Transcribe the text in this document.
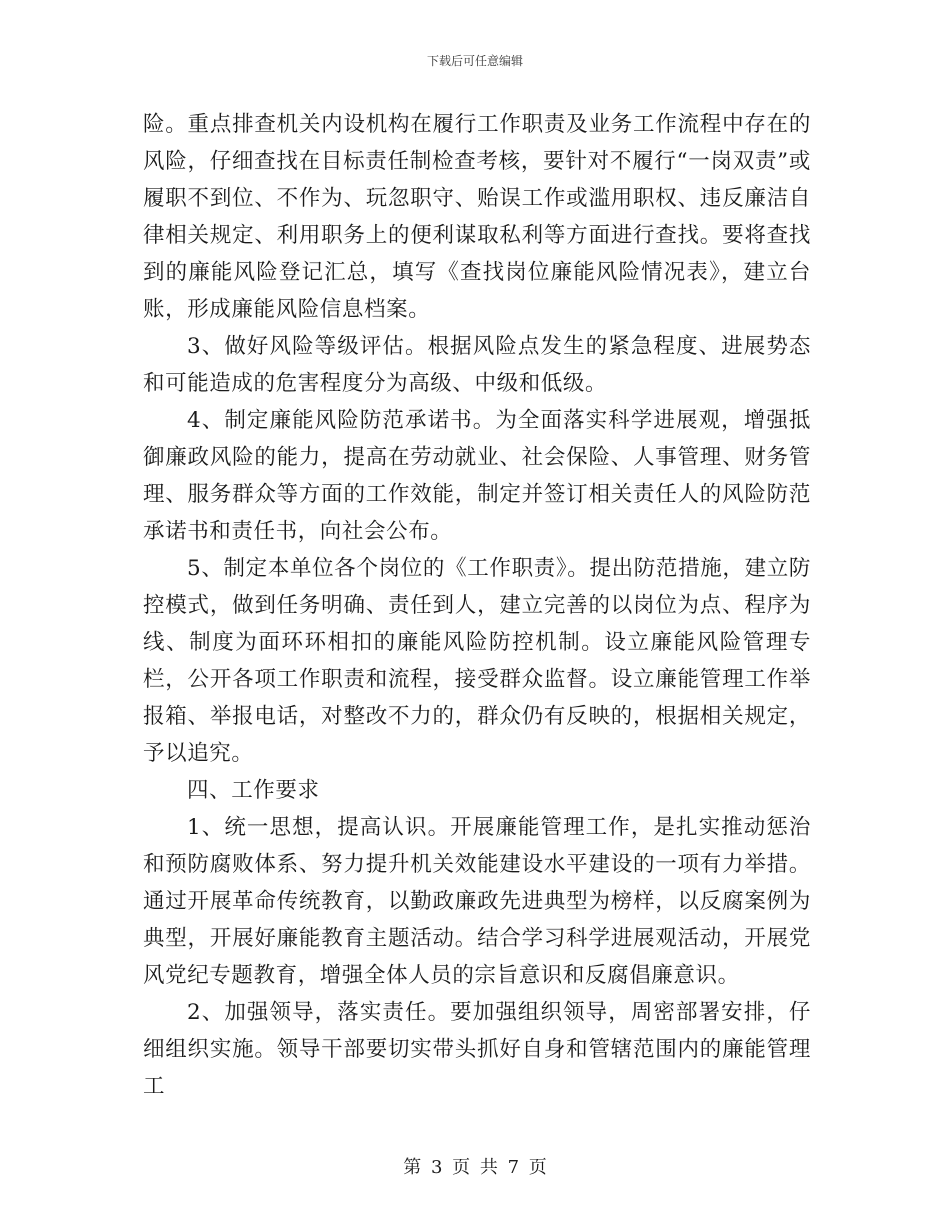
下载后可任意编辑

险。重点排查机关内设机构在履行工作职责及业务工作流程中存在的风险，仔细查找在目标责任制检查考核，要针对不履行“一岗双责”或履职不到位、不作为、玩忽职守、贻误工作或滥用职权、违反廉洁自律相关规定、利用职务上的便利谋取私利等方面进行查找。要将查找到的廉能风险登记汇总，填写《查找岗位廉能风险情况表》，建立台账，形成廉能风险信息档案。

3、做好风险等级评估。根据风险点发生的紧急程度、进展势态和可能造成的危害程度分为高级、中级和低级。

4、制定廉能风险防范承诺书。为全面落实科学进展观，增强抵御廉政风险的能力，提高在劳动就业、社会保险、人事管理、财务管理、服务群众等方面的工作效能，制定并签订相关责任人的风险防范承诺书和责任书，向社会公布。

5、制定本单位各个岗位的《工作职责》。提出防范措施，建立防控模式，做到任务明确、责任到人，建立完善的以岗位为点、程序为线、制度为面环环相扣的廉能风险防控机制。设立廉能风险管理专栏，公开各项工作职责和流程，接受群众监督。设立廉能管理工作举报箱、举报电话，对整改不力的，群众仍有反映的，根据相关规定，予以追究。

四、工作要求

1、统一思想，提高认识。开展廉能管理工作，是扎实推动惩治和预防腐败体系、努力提升机关效能建设水平建设的一项有力举措。通过开展革命传统教育，以勤政廉政先进典型为榜样，以反腐案例为典型，开展好廉能教育主题活动。结合学习科学进展观活动，开展党风党纪专题教育，增强全体人员的宗旨意识和反腐倡廉意识。

2、加强领导，落实责任。要加强组织领导，周密部署安排，仔细组织实施。领导干部要切实带头抓好自身和管辖范围内的廉能管理工

第 3 页 共 7 页
